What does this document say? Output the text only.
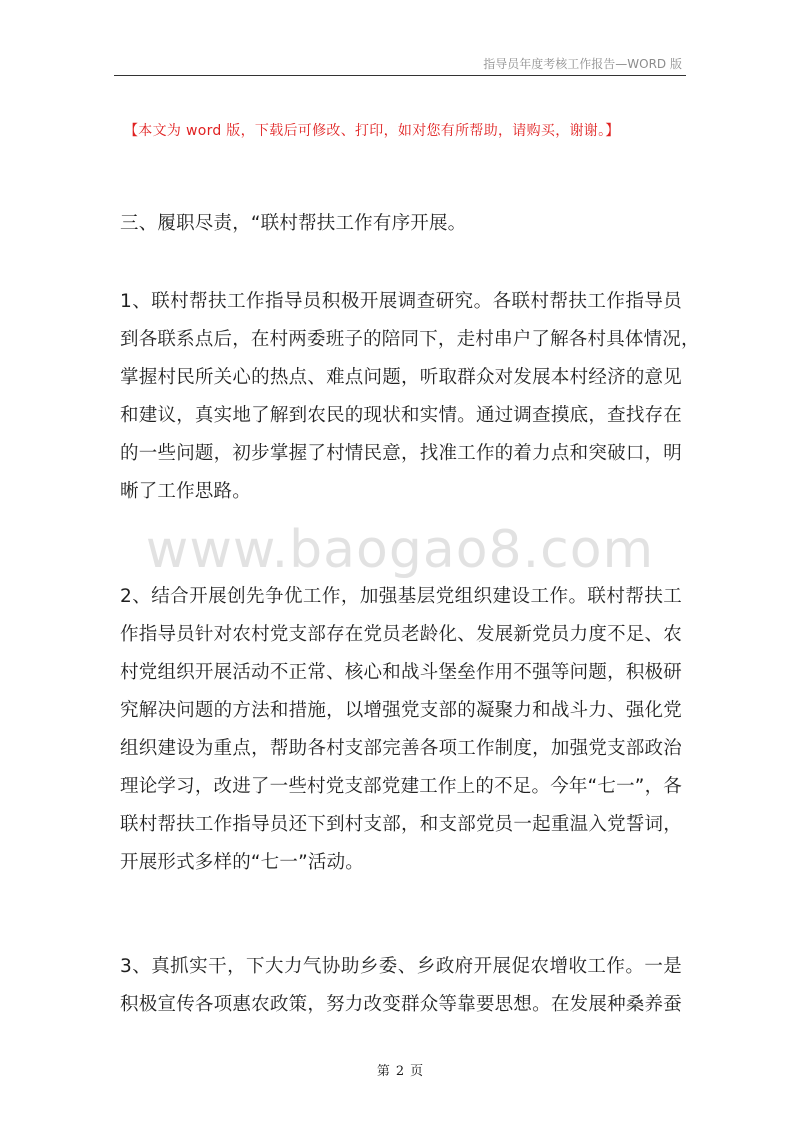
指导员年度考核工作报告—WORD 版
【本文为 word 版，下载后可修改、打印，如对您有所帮助，请购买，谢谢。】
三、履职尽责，“联村帮扶工作有序开展。
1、联村帮扶工作指导员积极开展调查研究。各联村帮扶工作指导员
到各联系点后，在村两委班子的陪同下，走村串户了解各村具体情况，
掌握村民所关心的热点、难点问题，听取群众对发展本村经济的意见
和建议，真实地了解到农民的现状和实情。通过调查摸底，查找存在
的一些问题，初步掌握了村情民意，找准工作的着力点和突破口，明
晰了工作思路。
www.baogao8.com
2、结合开展创先争优工作，加强基层党组织建设工作。联村帮扶工
作指导员针对农村党支部存在党员老龄化、发展新党员力度不足、农
村党组织开展活动不正常、核心和战斗堡垒作用不强等问题，积极研
究解决问题的方法和措施，以增强党支部的凝聚力和战斗力、强化党
组织建设为重点，帮助各村支部完善各项工作制度，加强党支部政治
理论学习，改进了一些村党支部党建工作上的不足。今年“七一”，各
联村帮扶工作指导员还下到村支部，和支部党员一起重温入党誓词，
开展形式多样的“七一”活动。
3、真抓实干，下大力气协助乡委、乡政府开展促农增收工作。一是
积极宣传各项惠农政策，努力改变群众等靠要思想。在发展种桑养蚕
第 2 页
